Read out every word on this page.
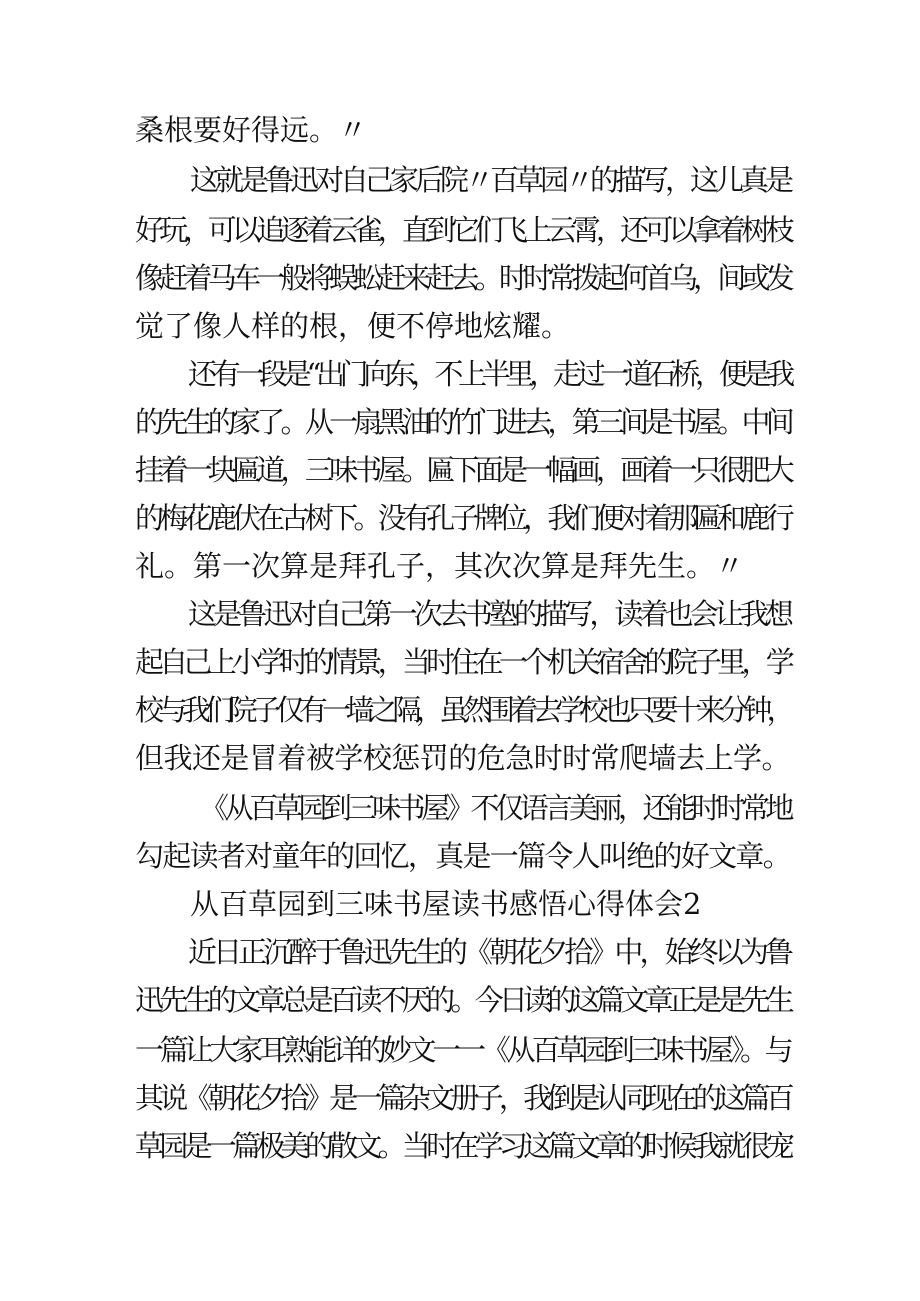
桑根要好得远。〃

这就是鲁迅对自己家后院〃百草园〃的描写，这儿真是

好玩，可以追逐着云雀，直到它们飞上云霄，还可以拿着树枝

像赶着马车一般将蜈蚣赶来赶去。时时常拨起何首乌，间或发

觉了像人样的根，便不停地炫耀。

还有一段是“出门向东，不上半里，走过一道石桥，便是我

的先生的家了。从一扇黑油的竹门进去，第三间是书屋。中间

挂着一块匾道，三味书屋。匾下面是一幅画，画着一只很肥大

的梅花鹿伏在古树下。没有孔子牌位，我们便对着那匾和鹿行

礼。第一次算是拜孔子，其次次算是拜先生。〃

这是鲁迅对自己第一次去书塾的描写，读着也会让我想

起自己上小学时的情景，当时住在一个机关宿舍的院子里，学

校与我们院子仅有一墙之隔，虽然围着去学校也只要十来分钟，

但我还是冒着被学校惩罚的危急时时常爬墙去上学。

《从百草园到三味书屋》不仅语言美丽，还能时时常地

勾起读者对童年的回忆，真是一篇令人叫绝的好文章。

从百草园到三味书屋读书感悟心得体会2

近日正沉醉于鲁迅先生的《朝花夕拾》中，始终以为鲁

迅先生的文章总是百读不厌的。今日读的这篇文章正是是先生

一篇让大家耳熟能详的妙文一一《从百草园到三味书屋》。与

其说《朝花夕拾》是一篇杂文册子，我倒是认同现在的这篇百

草园是一篇极美的散文。当时在学习这篇文章的时候我就很宠
